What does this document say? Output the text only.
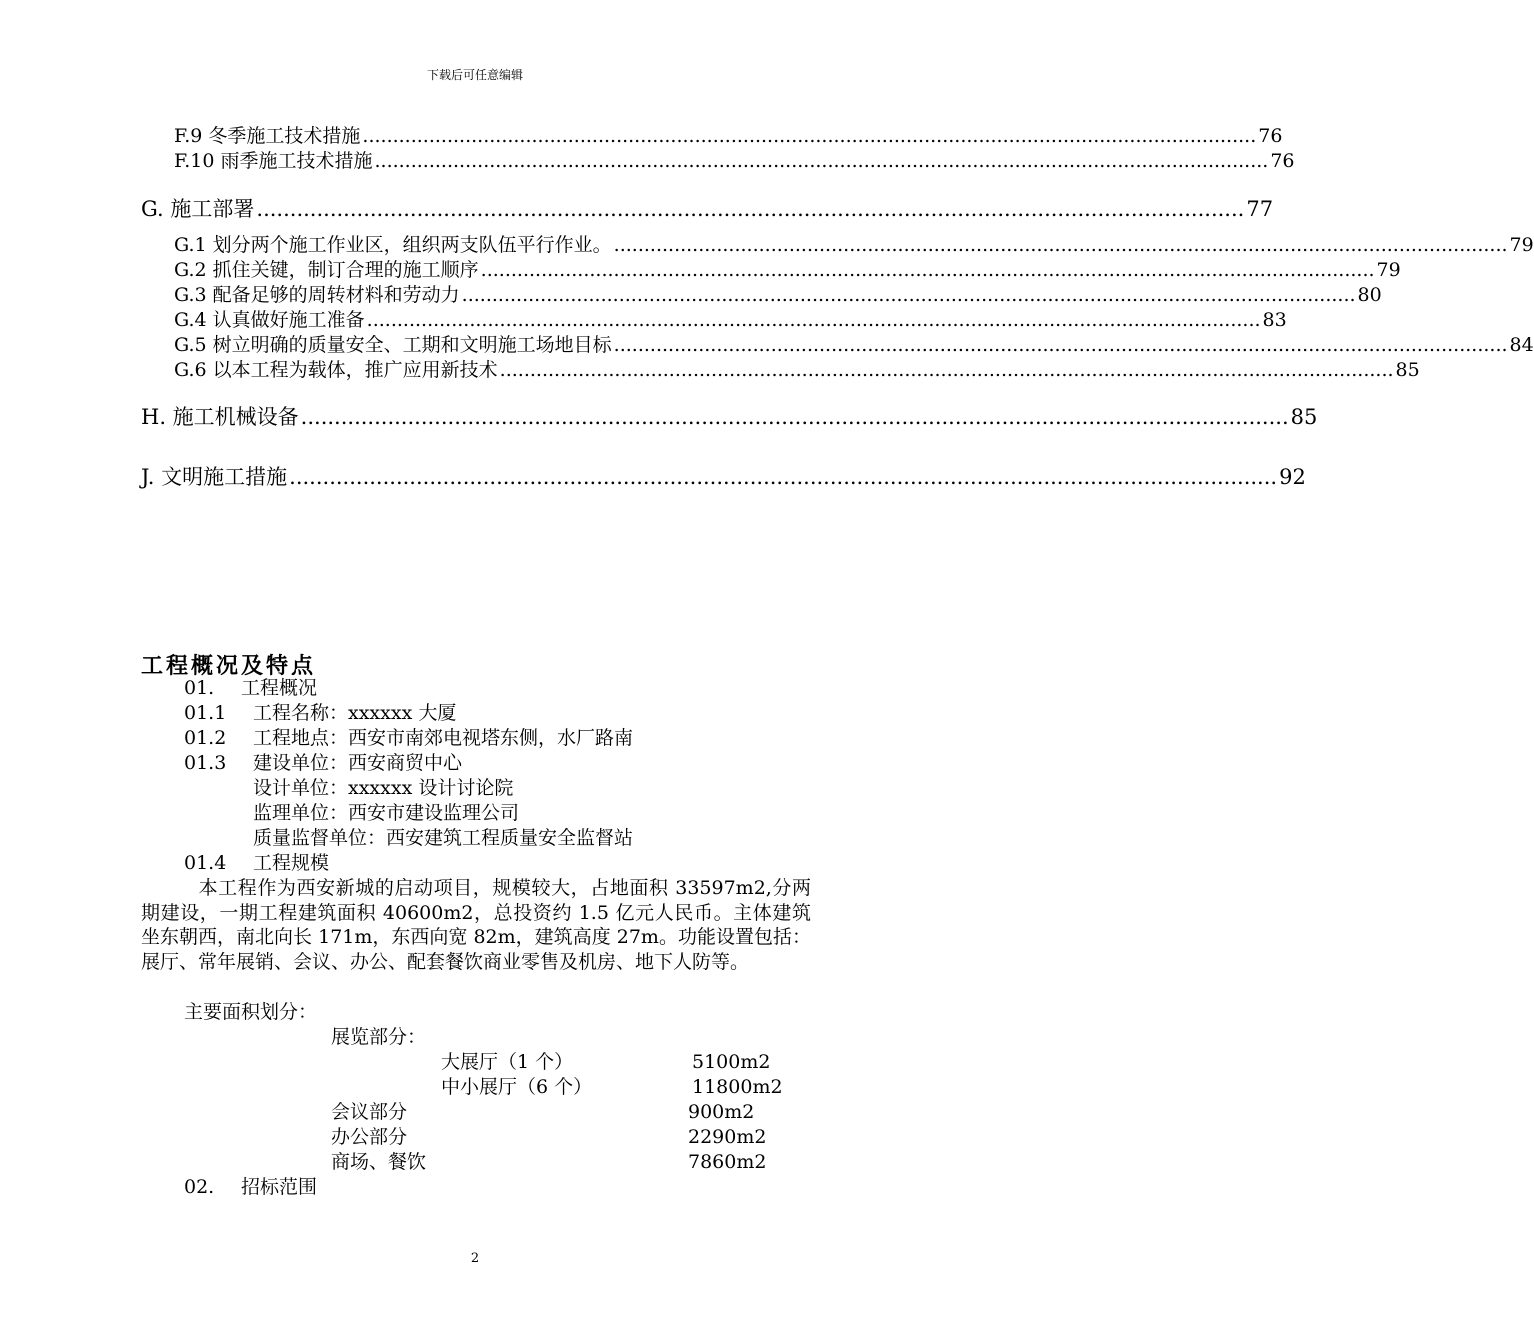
下载后可任意编辑
F.9 冬季施工技术措施 .................................................................................................................................................... 76
F.10 雨季施工技术措施 .................................................................................................................................................... 76
G. 施工部署 .................................................................................................................................................... 77
G.1 划分两个施工作业区，组织两支队伍平行作业。 .................................................................................................................................................... 79
G.2 抓住关键，制订合理的施工顺序 .................................................................................................................................................... 79
G.3 配备足够的周转材料和劳动力 .................................................................................................................................................... 80
G.4 认真做好施工准备 .................................................................................................................................................... 83
G.5 树立明确的质量安全、工期和文明施工场地目标 .................................................................................................................................................... 84
G.6 以本工程为载体，推广应用新技术 .................................................................................................................................................... 85
H. 施工机械设备 .................................................................................................................................................... 85
J. 文明施工措施 .................................................................................................................................................... 92
工程概况及特点
01. 工程概况
01.1 工程名称：xxxxxx 大厦
01.2 工程地点：西安市南郊电视塔东侧，水厂路南
01.3 建设单位：西安商贸中心
设计单位：xxxxxx 设计讨论院
监理单位：西安市建设监理公司
质量监督单位：西安建筑工程质量安全监督站
01.4 工程规模
本工程作为西安新城的启动项目，规模较大，占地面积 33597m2,分两期建设，一期工程建筑面积 40600m2，总投资约 1.5 亿元人民币。主体建筑坐东朝西，南北向长 171m，东西向宽 82m，建筑高度 27m。功能设置包括：展厅、常年展销、会议、办公、配套餐饮商业零售及机房、地下人防等。
主要面积划分：
展览部分：
大展厅（1 个）	5100m2
中小展厅（6 个）	11800m2
会议部分	900m2
办公部分	2290m2
商场、餐饮	7860m2
02. 招标范围
2
